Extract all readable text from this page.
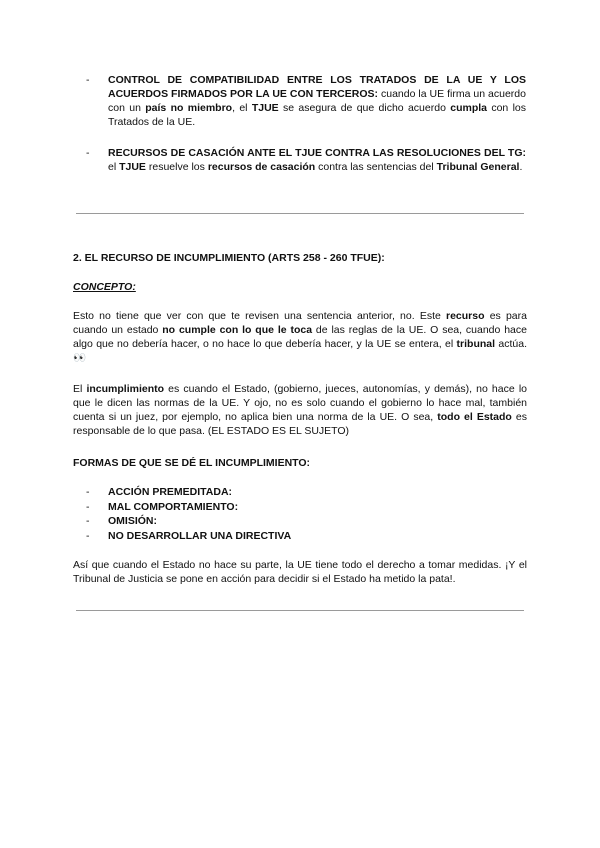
- CONTROL DE COMPATIBILIDAD ENTRE LOS TRATADOS DE LA UE Y LOS ACUERDOS FIRMADOS POR LA UE CON TERCEROS: cuando la UE firma un acuerdo con un país no miembro, el TJUE se asegura de que dicho acuerdo cumpla con los Tratados de la UE.
- RECURSOS DE CASACIÓN ANTE EL TJUE CONTRA LAS RESOLUCIONES DEL TG: el TJUE resuelve los recursos de casación contra las sentencias del Tribunal General.
2. EL RECURSO DE INCUMPLIMIENTO (ARTS 258 - 260 TFUE):
CONCEPTO:
Esto no tiene que ver con que te revisen una sentencia anterior, no. Este recurso es para cuando un estado no cumple con lo que le toca de las reglas de la UE. O sea, cuando hace algo que no debería hacer, o no hace lo que debería hacer, y la UE se entera, el tribunal actúa. 👀
El incumplimiento es cuando el Estado, (gobierno, jueces, autonomías, y demás), no hace lo que le dicen las normas de la UE. Y ojo, no es solo cuando el gobierno lo hace mal, también cuenta si un juez, por ejemplo, no aplica bien una norma de la UE. O sea, todo el Estado es responsable de lo que pasa. (EL ESTADO ES EL SUJETO)
FORMAS DE QUE SE DÉ EL INCUMPLIMIENTO:
- ACCIÓN PREMEDITADA:
- MAL COMPORTAMIENTO:
- OMISIÓN:
- NO DESARROLLAR UNA DIRECTIVA
Así que cuando el Estado no hace su parte, la UE tiene todo el derecho a tomar medidas. ¡Y el Tribunal de Justicia se pone en acción para decidir si el Estado ha metido la pata!.
